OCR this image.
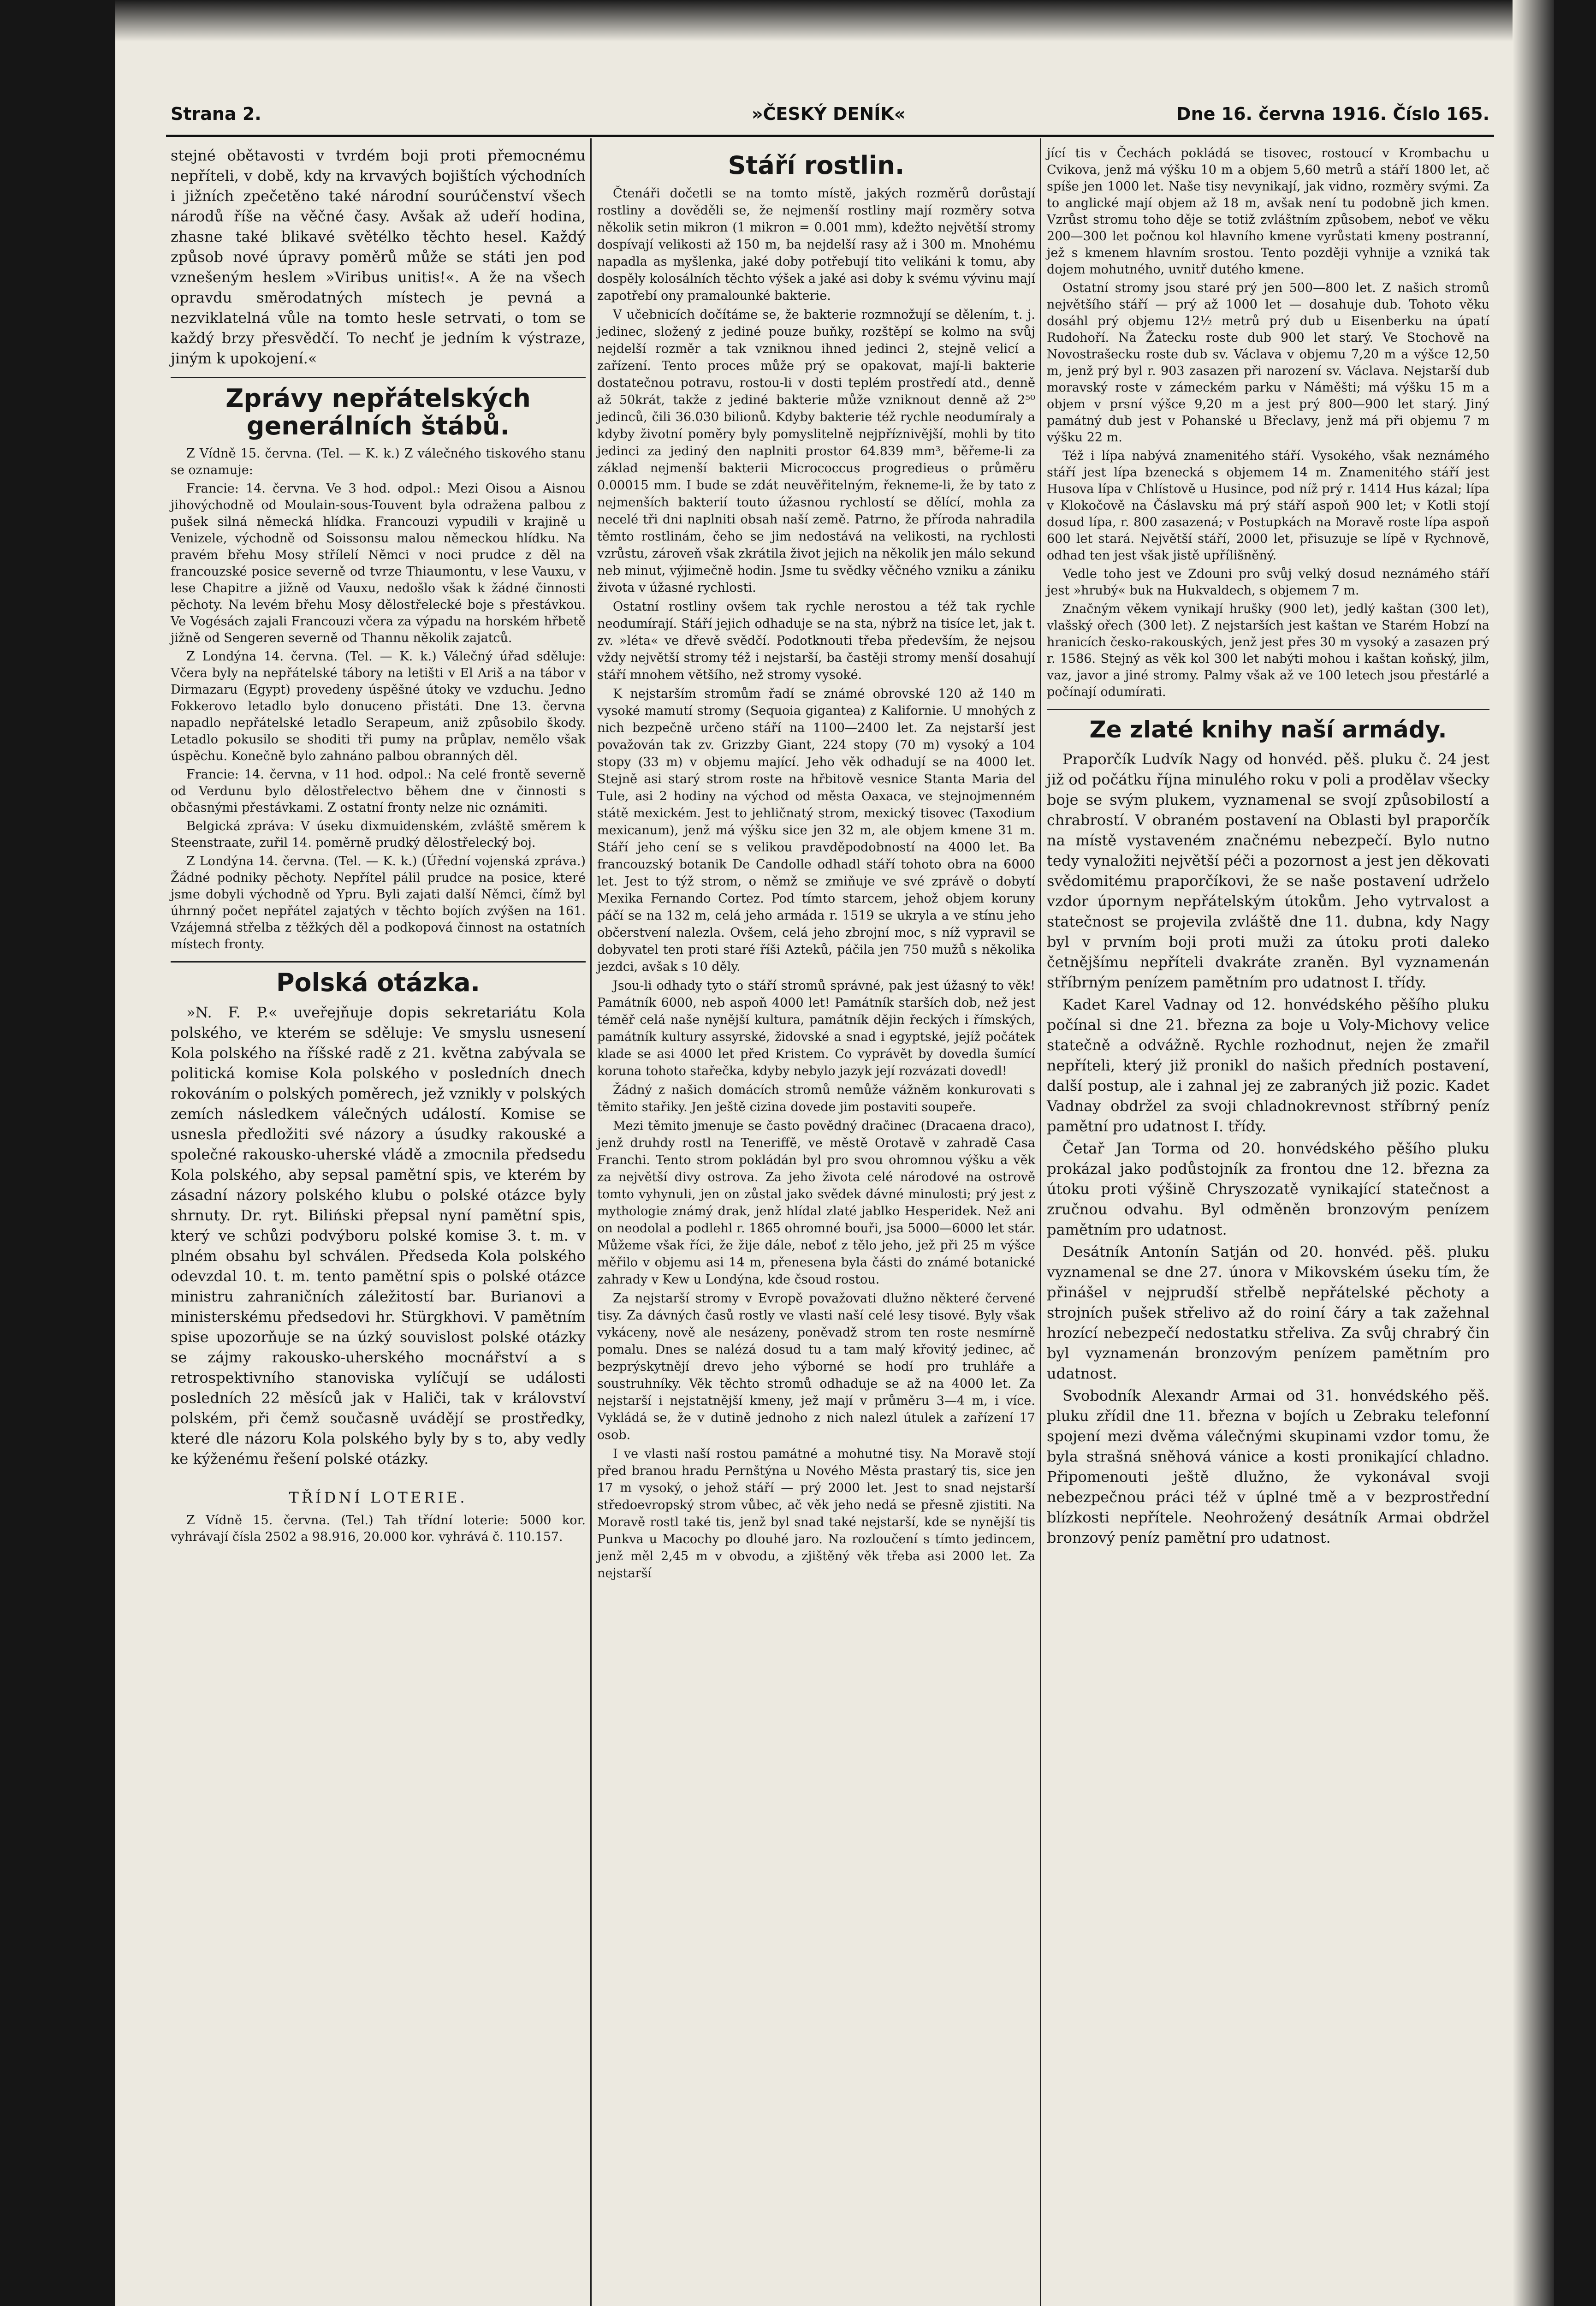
Strana 2.	»ČESKÝ DENÍK«	Dne 16. června 1916. Číslo 165.

stejné obětavosti v tvrdém boji proti přemocnému nepříteli, v době, kdy na krvavých bojištích východních i jižních zpečetěno také národní sourúčenství všech národů říše na věčné časy. Avšak až udeří hodina, zhasne také blikavé světélko těchto hesel. Každý způsob nové úpravy poměrů může se státi jen pod vznešeným heslem »Viribus unitis!«. A že na všech opravdu směrodatných místech je pevná a nezviklatelná vůle na tomto hesle setrvati, o tom se každý brzy přesvědčí. To nechť je jedním k výstraze, jiným k upokojení.«

Zprávy nepřátelských generálních štábů.

Z Vídně 15. června. (Tel. — K. k.) Z válečného tiskového stanu se oznamuje:

Francie: 14. června. Ve 3 hod. odpol.: Mezi Oisou a Aisnou jihovýchodně od Moulain-sous-Touvent byla odražena palbou z pušek silná německá hlídka. Francouzi vypudili v krajině u Venizele, východně od Soissonsu malou německou hlídku. Na pravém břehu Mosy střílelí Němci v noci prudce z děl na francouzské posice severně od tvrze Thiaumontu, v lese Vauxu, v lese Chapitre a jižně od Vauxu, nedošlo však k žádné činnosti pěchoty. Na levém břehu Mosy dělostřelecké boje s přestávkou. Ve Vogésách zajali Francouzi včera za výpadu na horském hřbetě jižně od Sengeren severně od Thannu několik zajatců.

Z Londýna 14. června. (Tel. — K. k.) Válečný úřad sděluje: Včera byly na nepřátelské tábory na letišti v El Ariš a na tábor v Dirmazaru (Egypt) provedeny úspěšné útoky ve vzduchu. Jedno Fokkerovo letadlo bylo donuceno přistáti. Dne 13. června napadlo nepřátelské letadlo Serapeum, aniž způsobilo škody. Letadlo pokusilo se shoditi tři pumy na průplav, nemělo však úspěchu. Konečně bylo zahnáno palbou obranných děl.

Francie: 14. června, v 11 hod. odpol.: Na celé frontě severně od Verdunu bylo dělostřelectvo během dne v činnosti s občasnými přestávkami. Z ostatní fronty nelze nic oznámiti.

Belgická zpráva: V úseku dixmuidenském, zvláště směrem k Steenstraate, zuřil 14. poměrně prudký dělostřelecký boj.

Z Londýna 14. června. (Tel. — K. k.) (Úřední vojenská zpráva.) Žádné podniky pěchoty. Nepřítel pálil prudce na posice, které jsme dobyli východně od Ypru. Byli zajati další Němci, čímž byl úhrnný počet nepřátel zajatých v těchto bojích zvýšen na 161. Vzájemná střelba z těžkých děl a podkopová činnost na ostatních místech fronty.

Polská otázka.

»N. F. P.« uveřejňuje dopis sekretariátu Kola polského, ve kterém se sděluje: Ve smyslu usnesení Kola polského na říšské radě z 21. května zabývala se politická komise Kola polského v posledních dnech rokováním o polských poměrech, jež vznikly v polských zemích následkem válečných událostí. Komise se usnesla předložiti své názory a úsudky rakouské a společné rakousko-uherské vládě a zmocnila předsedu Kola polského, aby sepsal pamětní spis, ve kterém by zásadní názory polského klubu o polské otázce byly shrnuty. Dr. ryt. Biliński přepsal nyní pamětní spis, který ve schůzi podvýboru polské komise 3. t. m. v plném obsahu byl schválen. Předseda Kola polského odevzdal 10. t. m. tento pamětní spis o polské otázce ministru zahraničních záležitostí bar. Burianovi a ministerskému předsedovi hr. Stürgkhovi. V pamětním spise upozorňuje se na úzký souvislost polské otázky se zájmy rakousko-uherského mocnářství a s retrospektivního stanoviska vylíčují se události posledních 22 měsíců jak v Haliči, tak v království polském, při čemž současně uvádějí se prostředky, které dle názoru Kola polského byly by s to, aby vedly ke kýženému řešení polské otázky.

TŘÍDNÍ LOTERIE.

Z Vídně 15. června. (Tel.) Tah třídní loterie: 5000 kor. vyhrávají čísla 2502 a 98.916, 20.000 kor. vyhrává č. 110.157.

Stáří rostlin.

Čtenáři dočetli se na tomto místě, jakých rozměrů dorůstají rostliny a dověděli se, že nejmenší rostliny mají rozměry sotva několik setin mikron (1 mikron = 0.001 mm), kdežto největší stromy dospívají velikosti až 150 m, ba nejdelší rasy až i 300 m. Mnohému napadla as myšlenka, jaké doby potřebují tito velikáni k tomu, aby dospěly kolosálních těchto výšek a jaké asi doby k svému vývinu mají zapotřebí ony pramalounké bakterie.

V učebnicích dočítáme se, že bakterie rozmnožují se dělením, t. j. jedinec, složený z jediné pouze buňky, rozštěpí se kolmo na svůj nejdelší rozměr a tak vzniknou ihned jedinci 2, stejně velicí a zařízení. Tento proces může prý se opakovat, mají-li bakterie dostatečnou potravu, rostou-li v dosti teplém prostředí atd., denně až 50krát, takže z jediné bakterie může vzniknout denně až 2⁵⁰ jedinců, čili 36.030 bilionů. Kdyby bakterie též rychle neodumíraly a kdyby životní poměry byly pomyslitelně nejpříznivější, mohli by tito jedinci za jediný den naplniti prostor 64.839 mm³, běřeme-li za základ nejmenší bakterii Micrococcus progredieus o průměru 0.00015 mm. I bude se zdát neuvěřitelným, řekneme-li, že by tato z nejmenších bakterií touto úžasnou rychlostí se dělící, mohla za necelé tři dni naplniti obsah naší země. Patrno, že příroda nahradila těmto rostlinám, čeho se jim nedostává na velikosti, na rychlosti vzrůstu, zároveň však zkrátila život jejich na několik jen málo sekund neb minut, výjimečně hodin. Jsme tu svědky věčného vzniku a zániku života v úžasné rychlosti.

Ostatní rostliny ovšem tak rychle nerostou a též tak rychle neodumírají. Stáří jejich odhaduje se na sta, nýbrž na tisíce let, jak t. zv. »léta« ve dřevě svědčí. Podotknouti třeba především, že nejsou vždy největší stromy též i nejstarší, ba častěji stromy menší dosahují stáří mnohem většího, než stromy vysoké.

K nejstarším stromům řadí se známé obrovské 120 až 140 m vysoké mamutí stromy (Sequoia gigantea) z Kalifornie. U mnohých z nich bezpečně určeno stáří na 1100—2400 let. Za nejstarší jest považován tak zv. Grizzby Giant, 224 stopy (70 m) vysoký a 104 stopy (33 m) v objemu mající. Jeho věk odhadují se na 4000 let. Stejně asi starý strom roste na hřbitově vesnice Stanta Maria del Tule, asi 2 hodiny na východ od města Oaxaca, ve stejnojmenném státě mexickém. Jest to jehličnatý strom, mexický tisovec (Taxodium mexicanum), jenž má výšku sice jen 32 m, ale objem kmene 31 m. Stáří jeho cení se s velikou pravděpodobností na 4000 let. Ba francouzský botanik De Candolle odhadl stáří tohoto obra na 6000 let. Jest to týž strom, o němž se zmiňuje ve své zprávě o dobytí Mexika Fernando Cortez. Pod tímto starcem, jehož objem koruny páčí se na 132 m, celá jeho armáda r. 1519 se ukryla a ve stínu jeho občerstvení nalezla. Ovšem, celá jeho zbrojní moc, s níž vypravil se dobyvatel ten proti staré říši Azteků, páčila jen 750 mužů s několika jezdci, avšak s 10 děly.

Jsou-li odhady tyto o stáří stromů správné, pak jest úžasný to věk! Památník 6000, neb aspoň 4000 let! Památník starších dob, než jest téměř celá naše nynější kultura, památník dějin řeckých i římských, památník kultury assyrské, židovské a snad i egyptské, jejíž počátek klade se asi 4000 let před Kristem. Co vyprávět by dovedla šumící koruna tohoto stařečka, kdyby nebylo jazyk její rozvázati dovedl!

Žádný z našich domácích stromů nemůže vážněm konkurovati s těmito stařiky. Jen ještě cizina dovede jim postaviti soupeře.

Mezi těmito jmenuje se často povědný dračinec (Dracaena draco), jenž druhdy rostl na Teneriffě, ve městě Orotavě v zahradě Casa Franchi. Tento strom pokládán byl pro svou ohromnou výšku a věk za největší divy ostrova. Za jeho života celé národové na ostrově tomto vyhynuli, jen on zůstal jako svědek dávné minulosti; prý jest z mythologie známý drak, jenž hlídal zlaté jablko Hesperidek. Než ani on neodolal a podlehl r. 1865 ohromné bouři, jsa 5000—6000 let stár. Můžeme však říci, že žije dále, neboť z tělo jeho, jež při 25 m výšce měřilo v objemu asi 14 m, přenesena byla části do známé botanické zahrady v Kew u Londýna, kde čsoud rostou.

Za nejstarší stromy v Evropě považovati dlužno některé červené tisy. Za dávných časů rostly ve vlasti naší celé lesy tisové. Byly však vykáceny, nově ale nesázeny, poněvadž strom ten roste nesmírně pomalu. Dnes se nalézá dosud tu a tam malý křovitý jedinec, ač bezprýskytnějí drevo jeho výborné se hodí pro truhláře a soustruhníky. Věk těchto stromů odhaduje se až na 4000 let. Za nejstarší i nejstatnější kmeny, jež mají v průměru 3—4 m, i více. Vykládá se, že v dutině jednoho z nich nalezl útulek a zařízení 17 osob.

I ve vlasti naší rostou památné a mohutné tisy. Na Moravě stojí před branou hradu Pernštýna u Nového Města prastarý tis, sice jen 17 m vysoký, o jehož stáří — prý 2000 let. Jest to snad nejstarší středoevropský strom vůbec, ač věk jeho nedá se přesně zjistiti. Na Moravě rostl také tis, jenž byl snad také nejstarší, kde se nynější tis Punkva u Macochy po dlouhé jaro. Na rozloučení s tímto jedincem, jenž měl 2,45 m v obvodu, a zjištěný věk třeba asi 2000 let. Za nejstarší

jící tis v Čechách pokládá se tisovec, rostoucí v Krombachu u Cvikova, jenž má výšku 10 m a objem 5,60 metrů a stáří 1800 let, ač spíše jen 1000 let. Naše tisy nevynikají, jak vidno, rozměry svými. Za to anglické mají objem až 18 m, avšak není tu podobně jich kmen. Vzrůst stromu toho děje se totiž zvláštním způsobem, neboť ve věku 200—300 let počnou kol hlavního kmene vyrůstati kmeny postranní, jež s kmenem hlavním srostou. Tento později vyhnije a vzniká tak dojem mohutného, uvnitř dutého kmene.

Ostatní stromy jsou staré prý jen 500—800 let. Z našich stromů největšího stáří — prý až 1000 let — dosahuje dub. Tohoto věku dosáhl prý objemu 12½ metrů prý dub u Eisenberku na úpatí Rudohoří. Na Žatecku roste dub 900 let starý. Ve Stochově na Novostrašecku roste dub sv. Václava v objemu 7,20 m a výšce 12,50 m, jenž prý byl r. 903 zasazen při narození sv. Václava. Nejstarší dub moravský roste v zámeckém parku v Náměšti; má výšku 15 m a objem v prsní výšce 9,20 m a jest prý 800—900 let starý. Jiný památný dub jest v Pohanské u Břeclavy, jenž má při objemu 7 m výšku 22 m.

Též i lípa nabývá znamenitého stáří. Vysokého, však neznámého stáří jest lípa bzenecká s objemem 14 m. Znamenitého stáří jest Husova lípa v Chlístově u Husince, pod níž prý r. 1414 Hus kázal; lípa v Klokočově na Čáslavsku má prý stáří aspoň 900 let; v Kotli stojí dosud lípa, r. 800 zasazená; v Postupkách na Moravě roste lípa aspoň 600 let stará. Největší stáří, 2000 let, přisuzuje se lípě v Rychnově, odhad ten jest však jistě upřílišněný.

Vedle toho jest ve Zdouni pro svůj velký dosud neznámého stáří jest »hrubý« buk na Hukvaldech, s objemem 7 m.

Značným věkem vynikají hrušky (900 let), jedlý kaštan (300 let), vlašský ořech (300 let). Z nejstarších jest kaštan ve Starém Hobzí na hranicích česko-rakouských, jenž jest přes 30 m vysoký a zasazen prý r. 1586. Stejný as věk kol 300 let nabýti mohou i kaštan koňský, jilm, vaz, javor a jiné stromy. Palmy však až ve 100 letech jsou přestárlé a počínají odumírati.

Ze zlaté knihy naší armády.

Praporčík Ludvík Nagy od honvéd. pěš. pluku č. 24 jest již od počátku října minulého roku v poli a prodělav všecky boje se svým plukem, vyznamenal se svojí způsobilostí a chrabrostí. V obraném postavení na Oblasti byl praporčík na místě vystaveném značnému nebezpečí. Bylo nutno tedy vynaložiti největší péči a pozornost a jest jen děkovati svědomitému praporčíkovi, že se naše postavení udrželo vzdor úpornym nepřátelským útokům. Jeho vytrvalost a statečnost se projevila zvláště dne 11. dubna, kdy Nagy byl v prvním boji proti muži za útoku proti daleko četnějšímu nepříteli dvakráte zraněn. Byl vyznamenán stříbrným penízem pamětním pro udatnost I. třídy.

Kadet Karel Vadnay od 12. honvédského pěšího pluku počínal si dne 21. března za boje u Voly-Michovy velice statečně a odvážně. Rychle rozhodnut, nejen že zmařil nepříteli, který již pronikl do našich předních postavení, další postup, ale i zahnal jej ze zabraných již pozic. Kadet Vadnay obdržel za svoji chladnokrevnost stříbrný peníz pamětní pro udatnost I. třídy.

Četař Jan Torma od 20. honvédského pěšího pluku prokázal jako podůstojník za frontou dne 12. března za útoku proti výšině Chryszozatě vynikající statečnost a zručnou odvahu. Byl odměněn bronzovým penízem pamětním pro udatnost.

Desátník Antonín Satján od 20. honvéd. pěš. pluku vyznamenal se dne 27. února v Mikovském úseku tím, že přinášel v nejprudší střelbě nepřátelské pěchoty a strojních pušek střelivo až do roiní čáry a tak zažehnal hrozící nebezpečí nedostatku střeliva. Za svůj chrabrý čin byl vyznamenán bronzovým penízem pamětním pro udatnost.

Svobodník Alexandr Armai od 31. honvédského pěš. pluku zřídil dne 11. března v bojích u Zebraku telefonní spojení mezi dvěma válečnými skupinami vzdor tomu, že byla strašná sněhová vánice a kosti pronikající chladno. Připomenouti ještě dlužno, že vykonával svoji nebezpečnou práci též v úplné tmě a v bezprostřední blízkosti nepřítele. Neohrožený desátník Armai obdržel bronzový peníz pamětní pro udatnost.
